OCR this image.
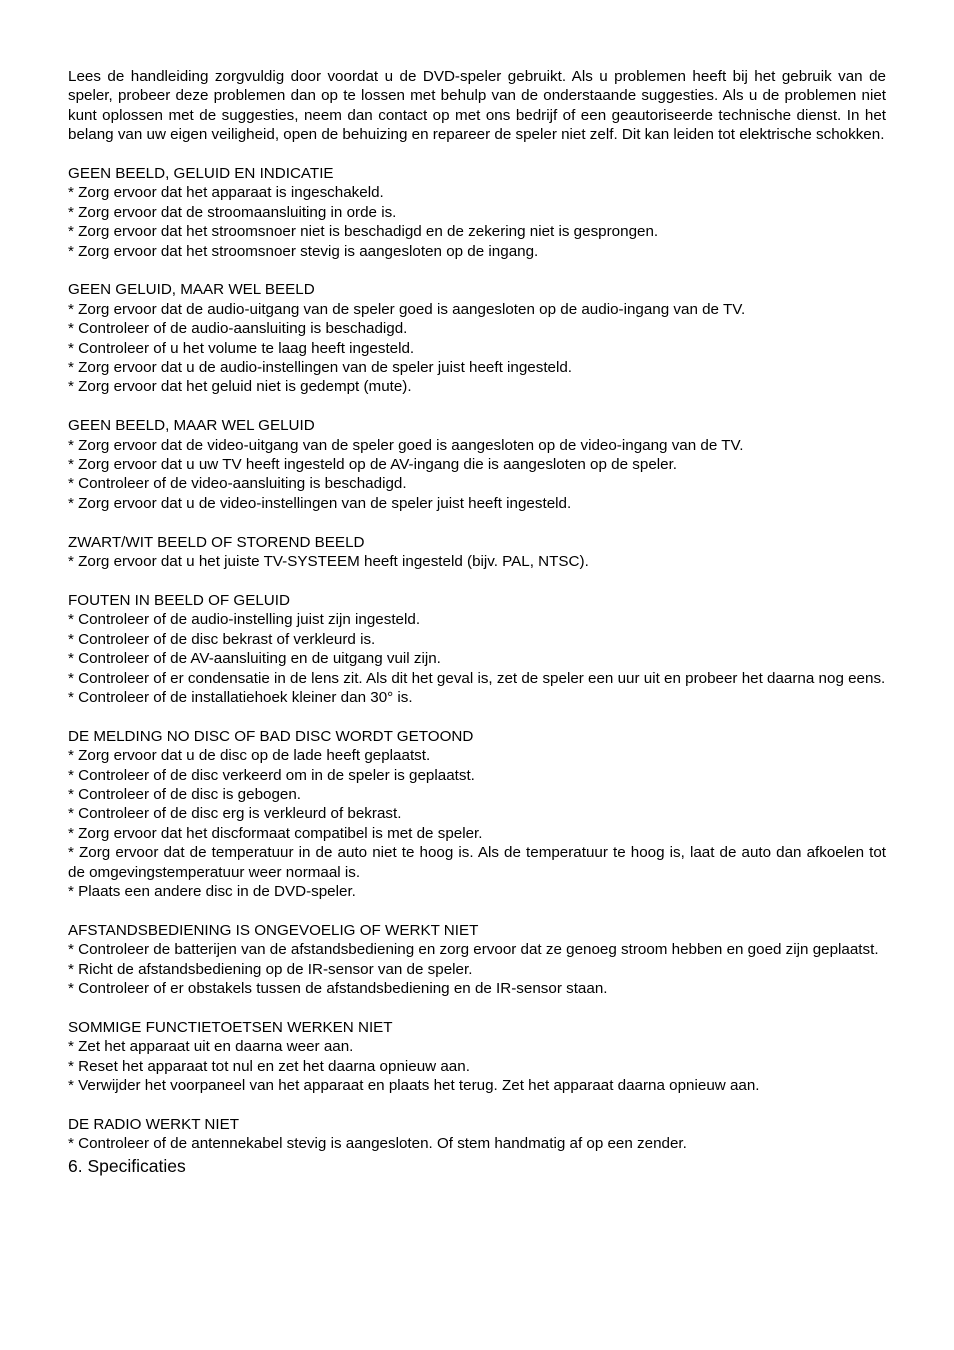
Lees de handleiding zorgvuldig door voordat u de DVD-speler gebruikt. Als u problemen heeft bij het gebruik van de speler, probeer deze problemen dan op te lossen met behulp van de onderstaande suggesties. Als u de problemen niet kunt oplossen met de suggesties, neem dan contact op met ons bedrijf of een geautoriseerde technische dienst. In het belang van uw eigen veiligheid, open de behuizing en repareer de speler niet zelf. Dit kan leiden tot elektrische schokken.

GEEN BEELD, GELUID EN INDICATIE

* Zorg ervoor dat het apparaat is ingeschakeld.

* Zorg ervoor dat de stroomaansluiting in orde is.

* Zorg ervoor dat het stroomsnoer niet is beschadigd en de zekering niet is gesprongen.

* Zorg ervoor dat het stroomsnoer stevig is aangesloten op de ingang.

GEEN GELUID, MAAR WEL BEELD

* Zorg ervoor dat de audio-uitgang van de speler goed is aangesloten op de audio-ingang van de TV.

* Controleer of de audio-aansluiting is beschadigd.

* Controleer of u het volume te laag heeft ingesteld.

* Zorg ervoor dat u de audio-instellingen van de speler juist heeft ingesteld.

* Zorg ervoor dat het geluid niet is gedempt (mute).

GEEN BEELD, MAAR WEL GELUID

* Zorg ervoor dat de video-uitgang van de speler goed is aangesloten op de video-ingang van de TV.

* Zorg ervoor dat u uw TV heeft ingesteld op de AV-ingang die is aangesloten op de speler.

* Controleer of de video-aansluiting is beschadigd.

* Zorg ervoor dat u de video-instellingen van de speler juist heeft ingesteld.

ZWART/WIT BEELD OF STOREND BEELD

* Zorg ervoor dat u het juiste TV-SYSTEEM heeft ingesteld (bijv. PAL, NTSC).

FOUTEN IN BEELD OF GELUID

* Controleer of de audio-instelling juist zijn ingesteld.

* Controleer of de disc bekrast of verkleurd is.

* Controleer of de AV-aansluiting en de uitgang vuil zijn.

* Controleer of er condensatie in de lens zit. Als dit het geval is, zet de speler een uur uit en probeer het daarna nog eens.

* Controleer of de installatiehoek kleiner dan 30° is.

DE MELDING NO DISC OF BAD DISC WORDT GETOOND

* Zorg ervoor dat u de disc op de lade heeft geplaatst.

* Controleer of de disc verkeerd om in de speler is geplaatst.

* Controleer of de disc is gebogen.

* Controleer of de disc erg is verkleurd of bekrast.

* Zorg ervoor dat het discformaat compatibel is met de speler.

* Zorg ervoor dat de temperatuur in de auto niet te hoog is. Als de temperatuur te hoog is, laat de auto dan afkoelen tot de omgevingstemperatuur weer normaal is.

* Plaats een andere disc in de DVD-speler.

AFSTANDSBEDIENING IS ONGEVOELIG OF WERKT NIET

* Controleer de batterijen van de afstandsbediening en zorg ervoor dat ze genoeg stroom hebben en goed zijn geplaatst.

* Richt de afstandsbediening op de IR-sensor van de speler.

* Controleer of er obstakels tussen de afstandsbediening en de IR-sensor staan.

SOMMIGE FUNCTIETOETSEN WERKEN NIET

* Zet het apparaat uit en daarna weer aan.

* Reset het apparaat tot nul en zet het daarna opnieuw aan.

* Verwijder het voorpaneel van het apparaat en plaats het terug. Zet het apparaat daarna opnieuw aan.

DE RADIO WERKT NIET

* Controleer of de antennekabel stevig is aangesloten. Of stem handmatig af op een zender.

6. Specificaties
